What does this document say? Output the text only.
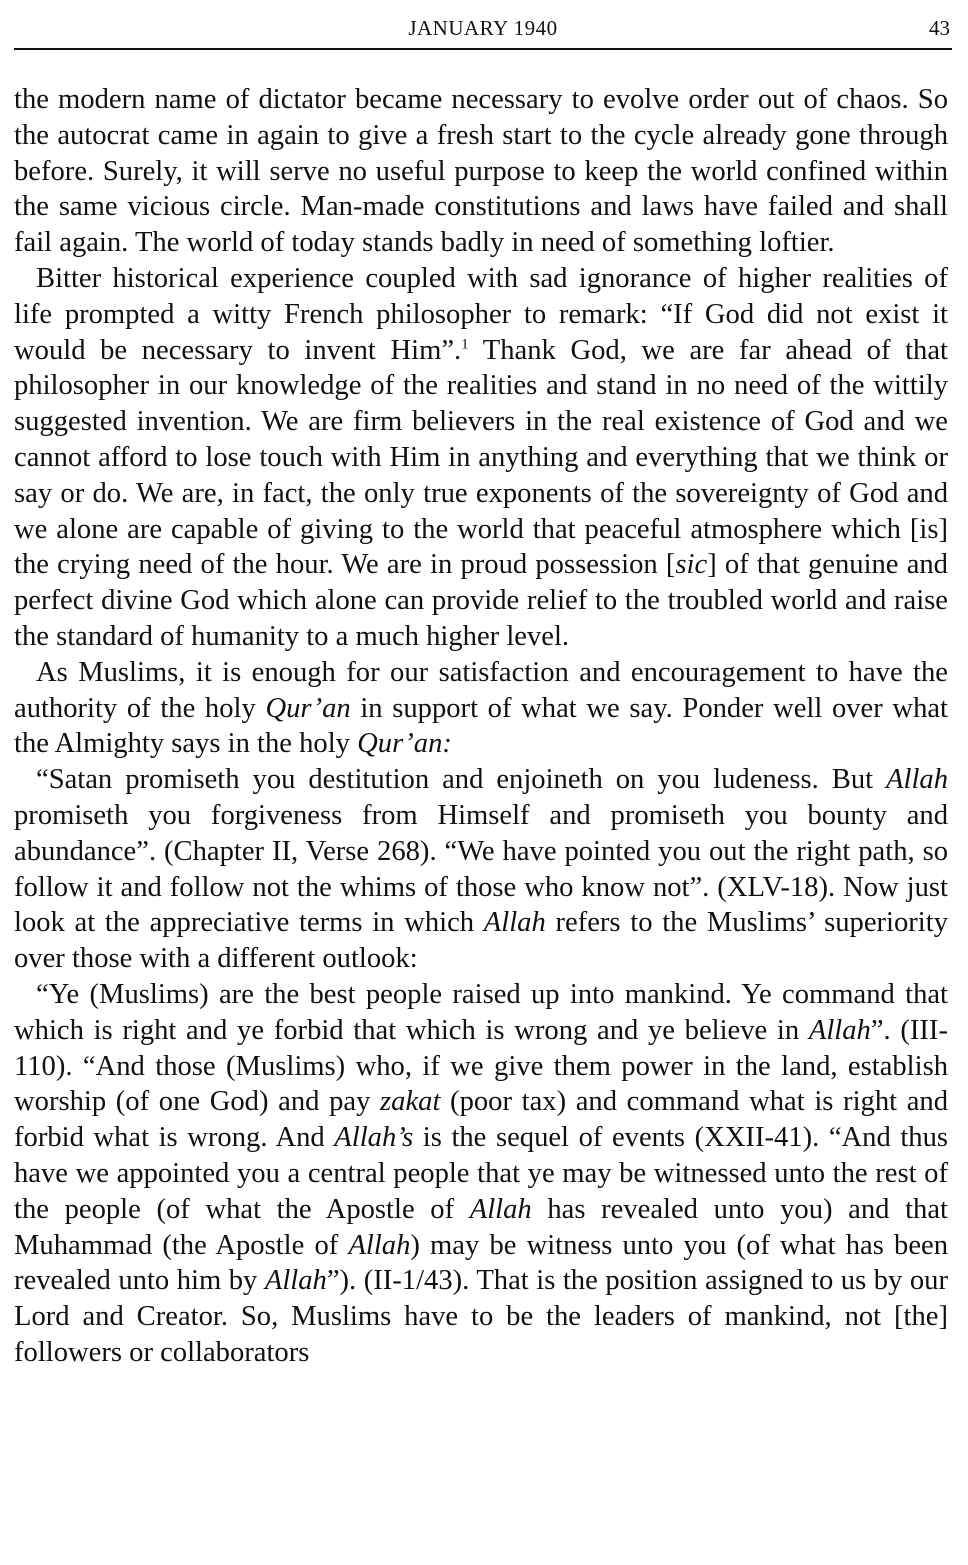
JANUARY 1940	43

the modern name of dictator became necessary to evolve order out of chaos. So the autocrat came in again to give a fresh start to the cycle already gone through before. Surely, it will serve no useful purpose to keep the world confined within the same vicious circle. Man-made constitutions and laws have failed and shall fail again. The world of today stands badly in need of something loftier.

Bitter historical experience coupled with sad ignorance of higher realities of life prompted a witty French philosopher to remark: “If God did not exist it would be necessary to invent Him”.$^1$ Thank God, we are far ahead of that philosopher in our knowledge of the realities and stand in no need of the wittily suggested invention. We are firm believers in the real existence of God and we cannot afford to lose touch with Him in anything and everything that we think or say or do. We are, in fact, the only true exponents of the sovereignty of God and we alone are capable of giving to the world that peaceful atmosphere which [is] the crying need of the hour. We are in proud possession [sic] of that genuine and perfect divine God which alone can provide relief to the troubled world and raise the standard of humanity to a much higher level.

As Muslims, it is enough for our satisfaction and encouragement to have the authority of the holy Qur’an in support of what we say. Ponder well over what the Almighty says in the holy Qur’an:

“Satan promiseth you destitution and enjoineth on you ludeness. But Allah promiseth you forgiveness from Himself and promiseth you bounty and abundance”. (Chapter II, Verse 268). “We have pointed you out the right path, so follow it and follow not the whims of those who know not”. (XLV-18). Now just look at the appreciative terms in which Allah refers to the Muslims’ superiority over those with a different outlook:

“Ye (Muslims) are the best people raised up into mankind. Ye command that which is right and ye forbid that which is wrong and ye believe in Allah”. (III-110). “And those (Muslims) who, if we give them power in the land, establish worship (of one God) and pay zakat (poor tax) and command what is right and forbid what is wrong. And Allah’s is the sequel of events (XXII-41). “And thus have we appointed you a central people that ye may be witnessed unto the rest of the people (of what the Apostle of Allah has revealed unto you) and that Muhammad (the Apostle of Allah) may be witness unto you (of what has been revealed unto him by Allah”). (II-1/43). That is the position assigned to us by our Lord and Creator. So, Muslims have to be the leaders of mankind, not [the] followers or collaborators
